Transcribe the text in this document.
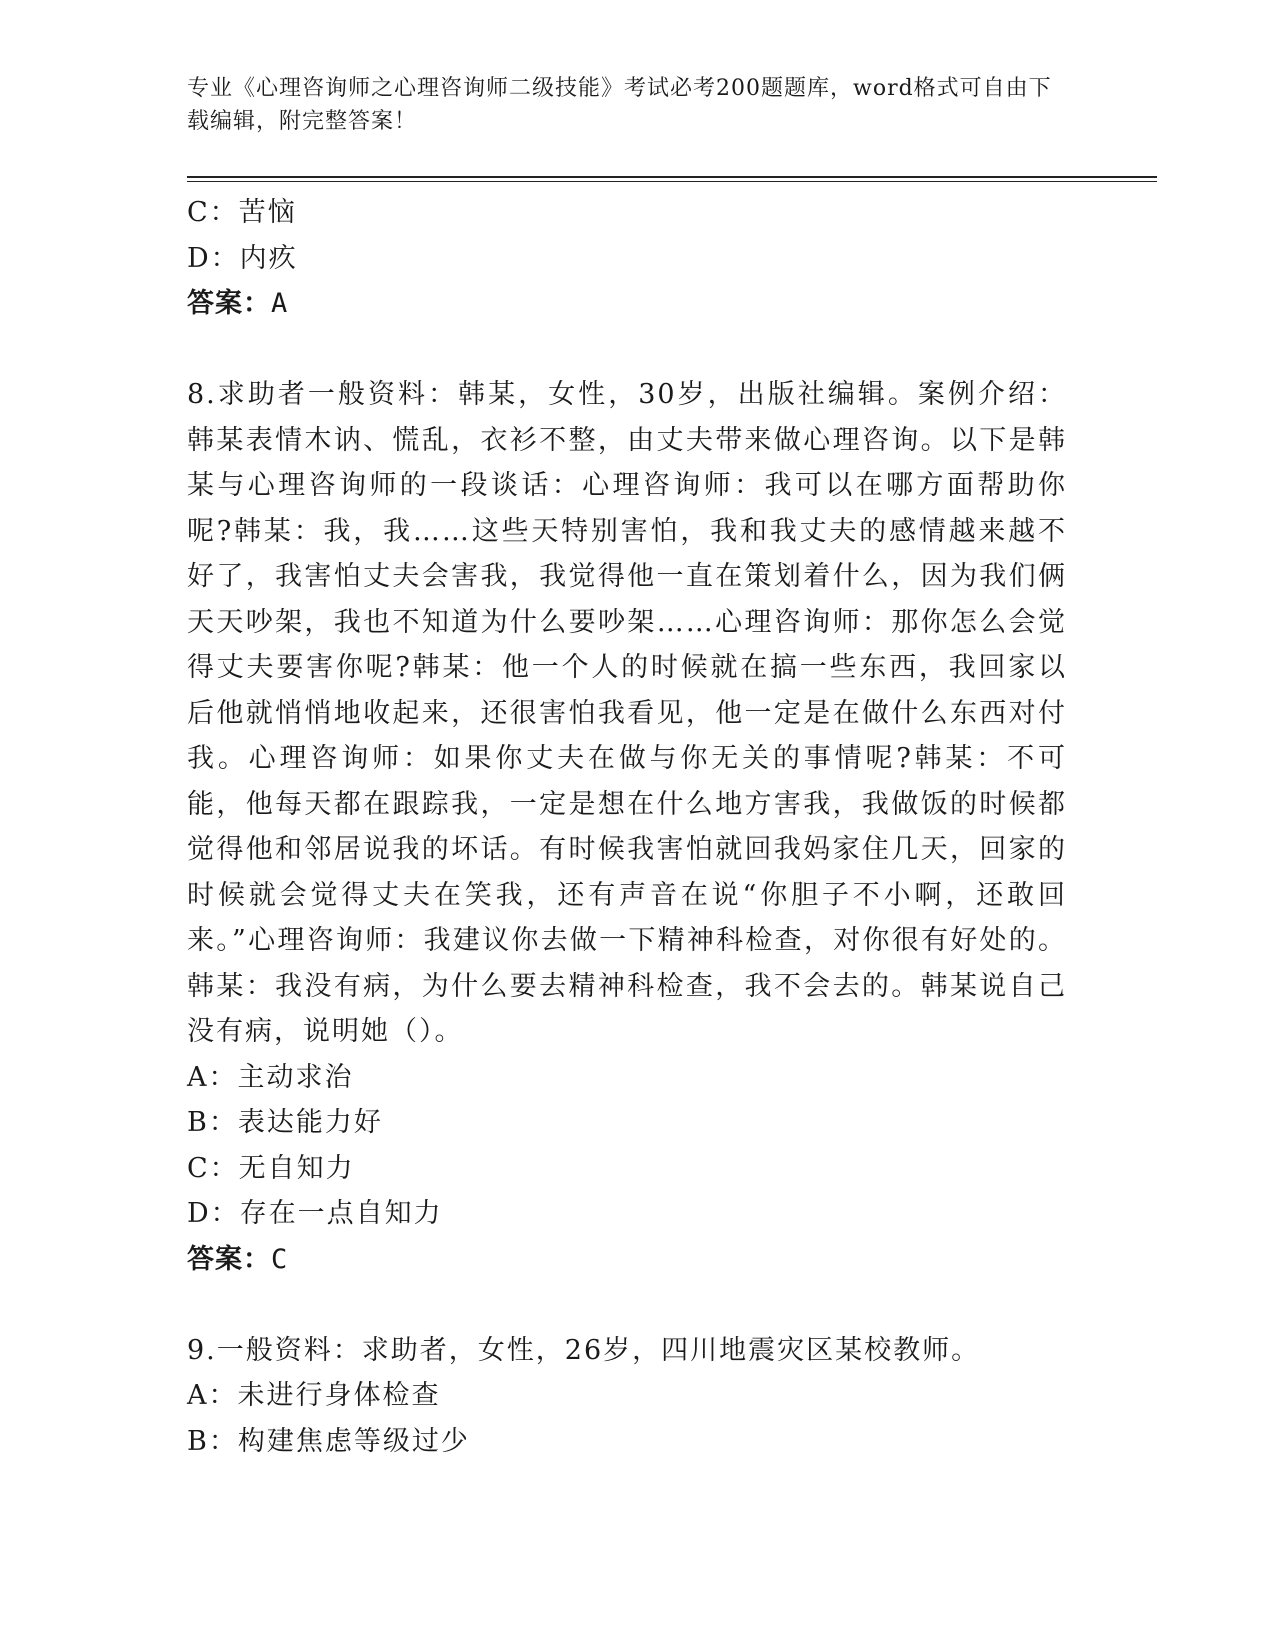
专业《心理咨询师之心理咨询师二级技能》考试必考200题题库，word格式可自由下载编辑，附完整答案！
C：苦恼
D：内疚
答案：A
8.求助者一般资料：韩某，女性，30岁，出版社编辑。案例介绍：韩某表情木讷、慌乱，衣衫不整，由丈夫带来做心理咨询。以下是韩某与心理咨询师的一段谈话：心理咨询师：我可以在哪方面帮助你呢?韩某：我，我……这些天特别害怕，我和我丈夫的感情越来越不好了，我害怕丈夫会害我，我觉得他一直在策划着什么，因为我们俩天天吵架，我也不知道为什么要吵架……心理咨询师：那你怎么会觉得丈夫要害你呢?韩某：他一个人的时候就在搞一些东西，我回家以后他就悄悄地收起来，还很害怕我看见，他一定是在做什么东西对付我。心理咨询师：如果你丈夫在做与你无关的事情呢?韩某：不可能，他每天都在跟踪我，一定是想在什么地方害我，我做饭的时候都觉得他和邻居说我的坏话。有时候我害怕就回我妈家住几天，回家的时候就会觉得丈夫在笑我，还有声音在说“你胆子不小啊，还敢回来。”心理咨询师：我建议你去做一下精神科检查，对你很有好处的。韩某：我没有病，为什么要去精神科检查，我不会去的。韩某说自己没有病，说明她（）。
A：主动求治
B：表达能力好
C：无自知力
D：存在一点自知力
答案：C
9.一般资料：求助者，女性，26岁，四川地震灾区某校教师。
A：未进行身体检查
B：构建焦虑等级过少
